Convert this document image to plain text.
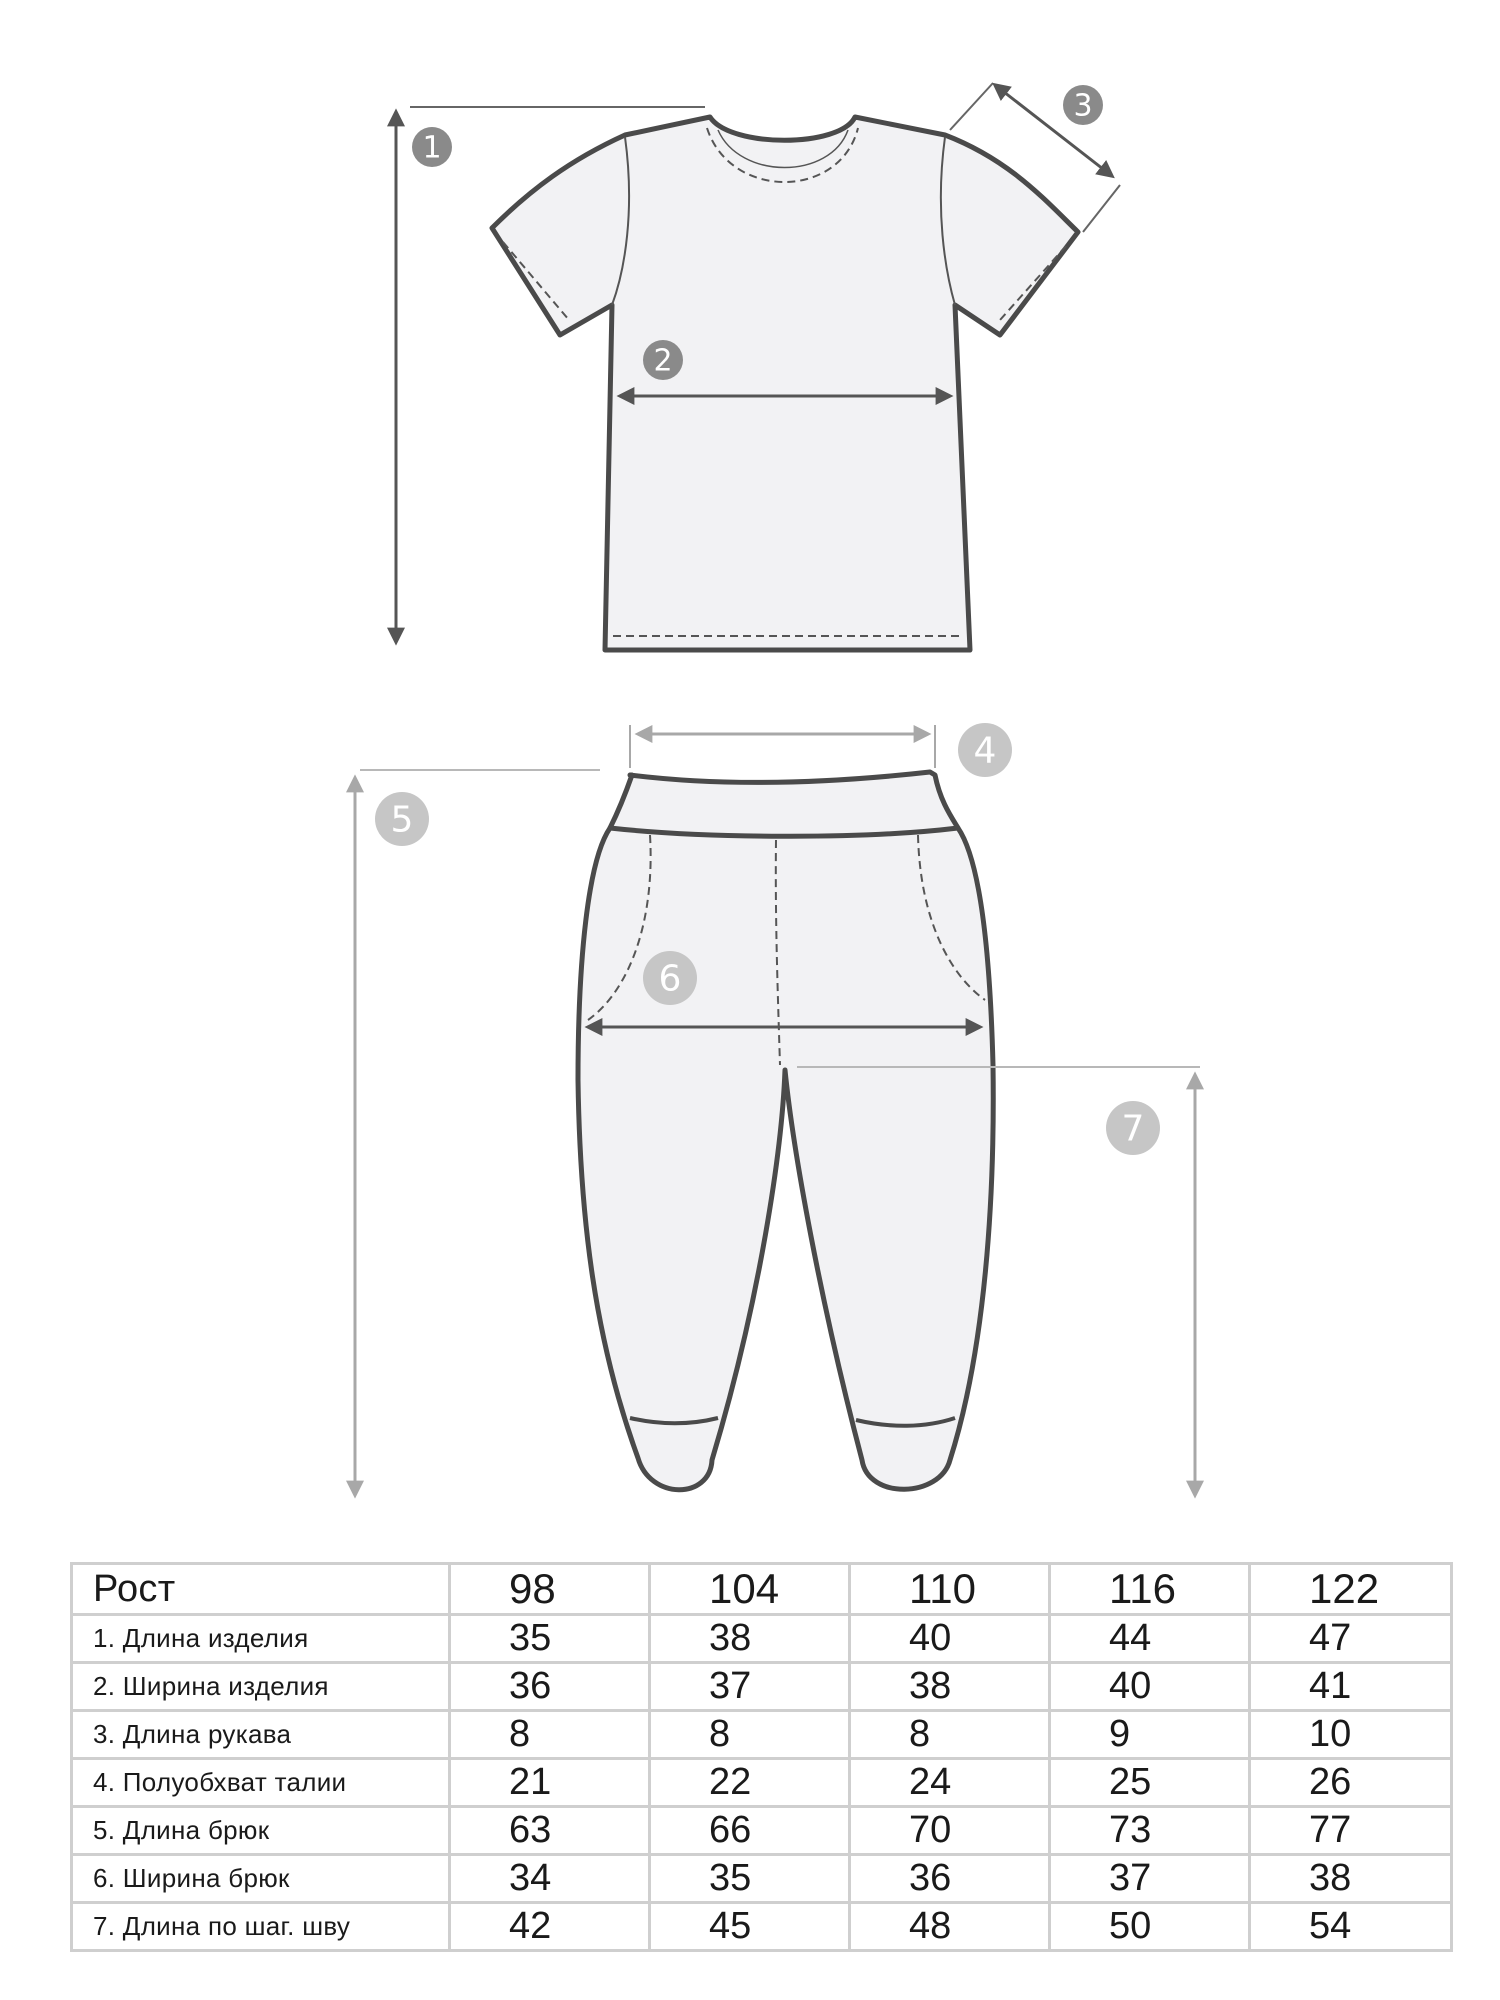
1
2
3
4
5
6
7
Рост	98	104	110	116	122
1. Длина изделия	35	38	40	44	47
2. Ширина изделия	36	37	38	40	41
3. Длина рукава	8	8	8	9	10
4. Полуобхват талии	21	22	24	25	26
5. Длина брюк	63	66	70	73	77
6. Ширина брюк	34	35	36	37	38
7. Длина по шаг. шву	42	45	48	50	54
